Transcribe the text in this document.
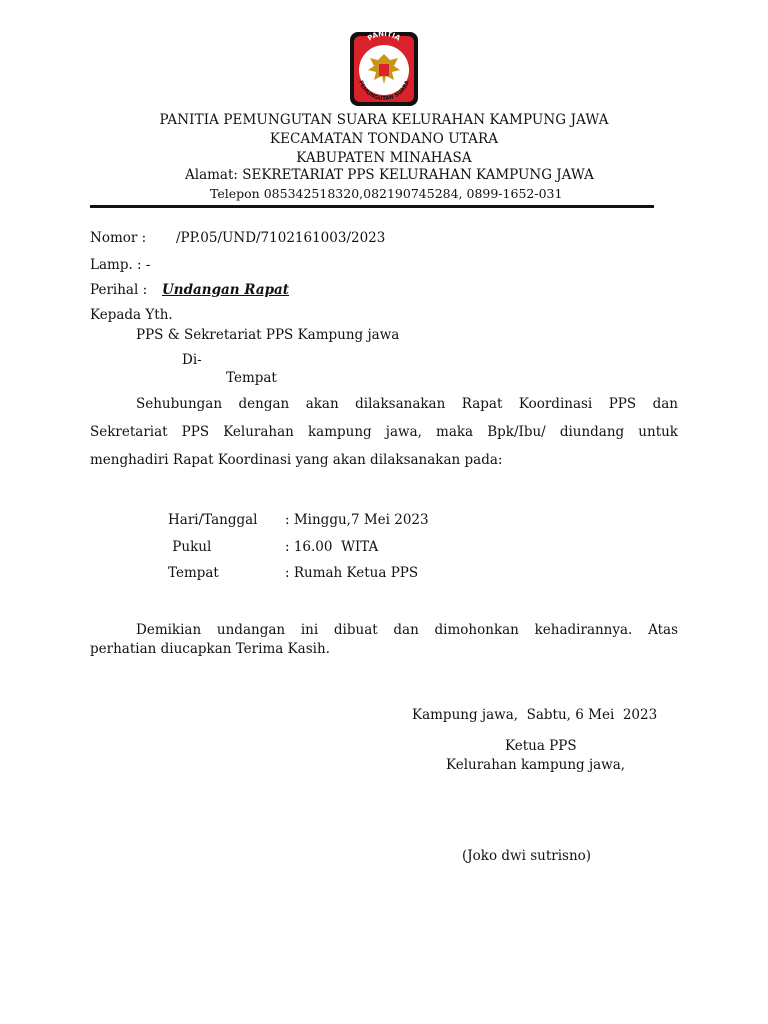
PANITIA
PEMUNGUTAN SUARA
PANITIA PEMUNGUTAN SUARA KELURAHAN KAMPUNG JAWA
KECAMATAN TONDANO UTARA
KABUPATEN MINAHASA
Alamat: SEKRETARIAT PPS KELURAHAN KAMPUNG JAWA
Telepon 085342518320,082190745284, 0899-1652-031
Nomor : /PP.05/UND/7102161003/2023
Lamp. : -
Perihal : Undangan Rapat
Kepada Yth.
PPS & Sekretariat PPS Kampung jawa
Di-
Tempat
Sehubungan dengan akan dilaksanakan Rapat Koordinasi PPS dan
Sekretariat PPS Kelurahan kampung jawa, maka Bpk/Ibu/ diundang untuk
menghadiri Rapat Koordinasi yang akan dilaksanakan pada:
Hari/Tanggal : Minggu,7 Mei 2023
Pukul	: 16.00  WITA
Tempat	: Rumah Ketua PPS
Demikian undangan ini dibuat dan dimohonkan kehadirannya. Atas
perhatian diucapkan Terima Kasih.
Kampung jawa,  Sabtu, 6 Mei  2023
Ketua PPS
Kelurahan kampung jawa,
(Joko dwi sutrisno)
